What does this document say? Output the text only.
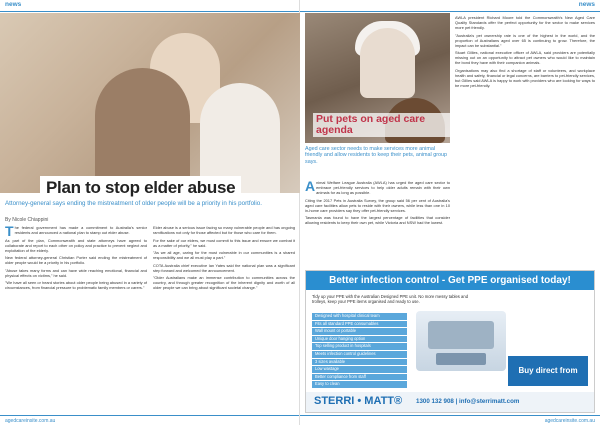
news
Plan to stop elder abuse
Attorney-general says ending the mistreatment of older people will be a priority in his portfolio.
By Nicole Chiappini

The federal government has made a commitment to Australia's senior residents and announced a national plan to stamp out elder abuse.

As part of the plan, Commonwealth and state attorneys have agreed to collaborate and report to each other on policy and practice to prevent neglect and exploitation of the elderly.

New federal attorney-general Christian Porter said ending the mistreatment of older people would be a priority in his portfolio.

"Abuse takes many forms and can have wide reaching emotional, financial and physical effects on victims," he said.

"We have all seen or heard stories about older people being abused in a variety of circumstances, from financial pressure to problematic family members or carers."

Elder abuse is a serious issue facing so many vulnerable people and has ongoing ramifications not only for those affected but for those who care for them.

For the sake of our elders, we must commit to this issue and ensure we combat it as a matter of priority," he said.

"As we all age, caring for the most vulnerable in our communities is a shared responsibility and we all must play a part."

COTA Australia chief executive Ian Yates said the national plan was a significant step forward and welcomed the announcement.

"Older Australians make an immense contribution to communities across the country, and through greater recognition of the inherent dignity and worth of all older people we can bring about significant societal change."

agedcareinsite.com.au
news
Put pets on aged care agenda
Aged care sector needs to make services more animal friendly and allow residents to keep their pets, animal group says.

AWLA president Richard Moore told the Commonwealth's New Aged Care Quality Standards offer the perfect opportunity for the sector to make services more pet friendly.

"Australia's pet ownership rate is one of the highest in the world, and the proportion of Australians aged over 65 is continuing to grow. Therefore, the impact can be substantial."

Stuart Gillies, national executive officer of AWLA, said providers are potentially missing out on an opportunity to attract pet owners who would like to maintain the bond they have with their companion animals.

Organisations may also find a shortage of staff or volunteers, and workplace health and safety, financial or legal concerns, are barriers to pet-friendly services, but Gillies said AWLA is happy to work with providers who are looking for ways to be more pet-friendly.

Animal Welfare League Australia (AWLA) has urged the aged care sector to embrace pet-friendly services to help older adults remain with their own animals for as long as possible.

Citing the 2017 Pets in Australia Survey, the group said 56 per cent of Australia's aged care facilities allow pets to reside with their owners, while less than one in 10 in-home care providers say they offer pet-friendly services.

Tasmania was found to have the largest percentage of facilities that consider allowing residents to keep their own pet, while Victoria and NSW had the lowest.

Better infection control - Get PPE organised today!
Tidy up your PPE with the Australian Designed PPE unit. No more messy tables and trolleys, keep your PPE items organised and ready to use.
Designed with hospital clinical team
Fits all standard PPE consumables
Wall mount or portable
Unique door hanging option
Top selling product in hospitals
Meets infection control guidelines
3 sizes available
Low wastage
Better compliance from staff
Easy to clean
Buy direct from
STERRI • MATT® 1300 132 908 | info@sterrimatt.com
agedcareinsite.com.au
